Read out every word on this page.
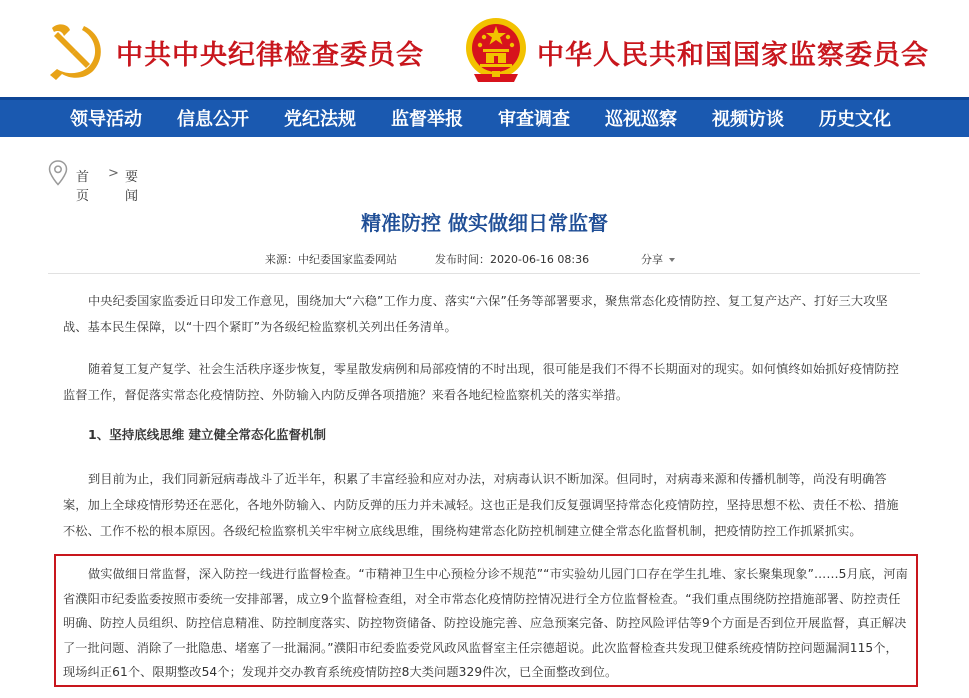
中共中央纪律检查委员会	中华人民共和国国家监察委员会
领导活动 信息公开 党纪法规 监督举报 审查调查 巡视巡察 视频访谈 历史文化
首页
> 要闻
精准防控 做实做细日常监督
来源：中纪委国家监委网站	发布时间：2020-06-16 08:36	分享

中央纪委国家监委近日印发工作意见，围绕加大“六稳”工作力度、落实“六保”任务等部署要求，聚焦常态化疫情防控、复工复产达产、打好三大攻坚战、基本民生保障，以“十四个紧盯”为各级纪检监察机关列出任务清单。

随着复工复产复学、社会生活秩序逐步恢复，零星散发病例和局部疫情的不时出现，很可能是我们不得不长期面对的现实。如何慎终如始抓好疫情防控监督工作，督促落实常态化疫情防控、外防输入内防反弹各项措施？来看各地纪检监察机关的落实举措。

1、坚持底线思维 建立健全常态化监督机制

到目前为止，我们同新冠病毒战斗了近半年，积累了丰富经验和应对办法，对病毒认识不断加深。但同时，对病毒来源和传播机制等，尚没有明确答案，加上全球疫情形势还在恶化，各地外防输入、内防反弹的压力并未减轻。这也正是我们反复强调坚持常态化疫情防控，坚持思想不松、责任不松、措施不松、工作不松的根本原因。各级纪检监察机关牢牢树立底线思维，围绕构建常态化防控机制建立健全常态化监督机制，把疫情防控工作抓紧抓实。

做实做细日常监督，深入防控一线进行监督检查。“市精神卫生中心预检分诊不规范”“市实验幼儿园门口存在学生扎堆、家长聚集现象”……5月底，河南省濮阳市纪委监委按照市委统一安排部署，成立9个监督检查组，对全市常态化疫情防控情况进行全方位监督检查。“我们重点围绕防控措施部署、防控责任明确、防控人员组织、防控信息精准、防控制度落实、防控物资储备、防控设施完善、应急预案完备、防控风险评估等9个方面是否到位开展监督，真正解决了一批问题、消除了一批隐患、堵塞了一批漏洞。”濮阳市纪委监委党风政风监督室主任宗德超说。此次监督检查共发现卫健系统疫情防控问题漏洞115个，现场纠正61个、限期整改54个；发现并交办教育系统疫情防控8大类问题329件次，已全面整改到位。
